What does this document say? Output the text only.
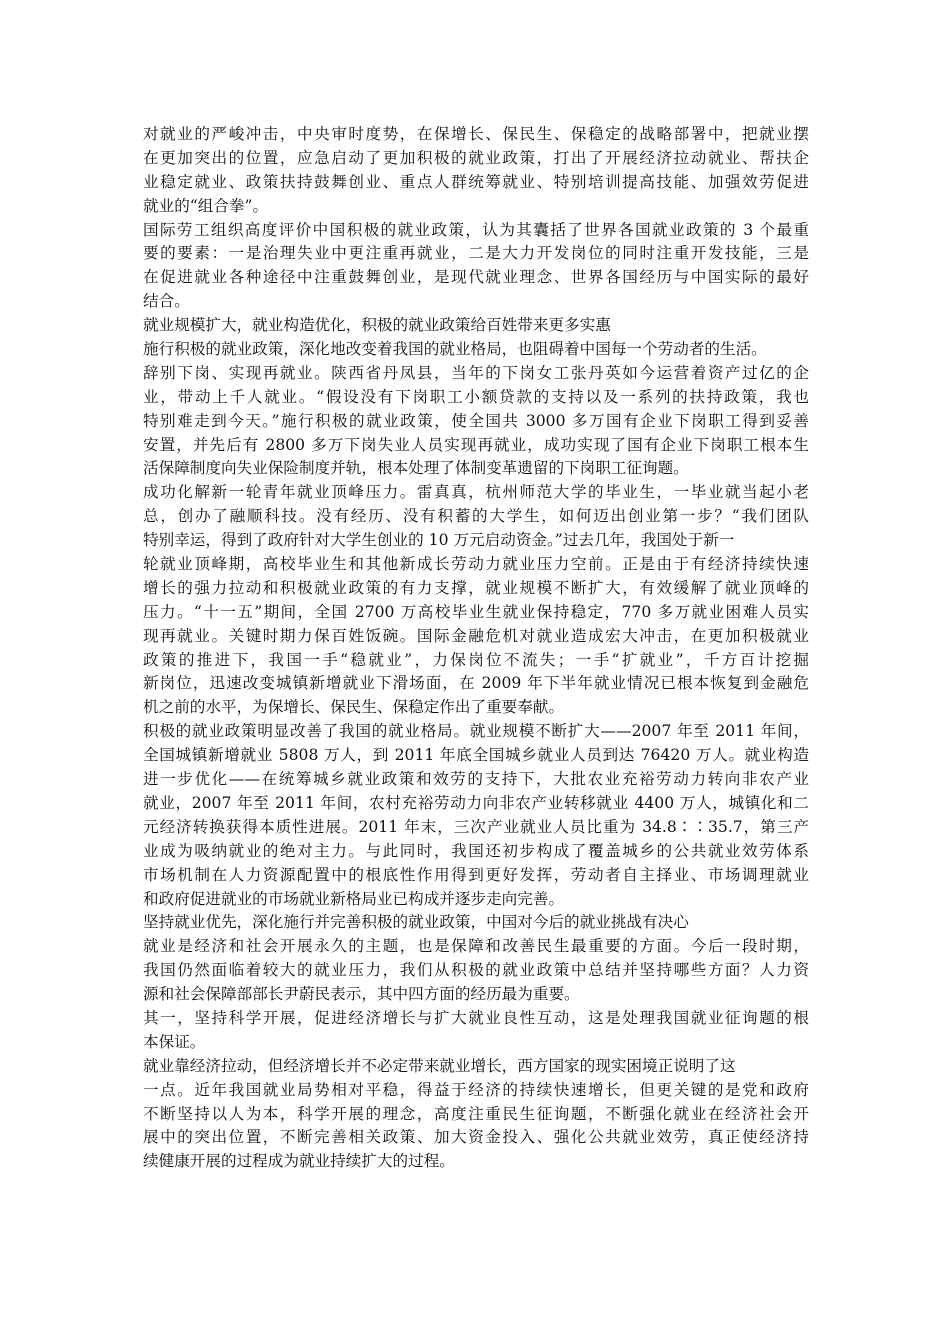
对就业的严峻冲击，中央审时度势，在保增长、保民生、保稳定的战略部署中，把就业摆
在更加突出的位置，应急启动了更加积极的就业政策，打出了开展经济拉动就业、帮扶企
业稳定就业、政策扶持鼓舞创业、重点人群统筹就业、特别培训提高技能、加强效劳促进
就业的“组合拳”。
国际劳工组织高度评价中国积极的就业政策，认为其囊括了世界各国就业政策的 3 个最重
要的要素：一是治理失业中更注重再就业，二是大力开发岗位的同时注重开发技能，三是
在促进就业各种途径中注重鼓舞创业，是现代就业理念、世界各国经历与中国实际的最好
结合。
就业规模扩大，就业构造优化，积极的就业政策给百姓带来更多实惠
施行积极的就业政策，深化地改变着我国的就业格局，也阻碍着中国每一个劳动者的生活。
辞别下岗、实现再就业。陕西省丹凤县，当年的下岗女工张丹英如今运营着资产过亿的企
业，带动上千人就业。“假设没有下岗职工小额贷款的支持以及一系列的扶持政策，我也
特别难走到今天。”施行积极的就业政策，使全国共 3000 多万国有企业下岗职工得到妥善
安置，并先后有 2800 多万下岗失业人员实现再就业，成功实现了国有企业下岗职工根本生
活保障制度向失业保险制度并轨，根本处理了体制变革遗留的下岗职工征询题。
成功化解新一轮青年就业顶峰压力。雷真真，杭州师范大学的毕业生，一毕业就当起小老
总，创办了融顺科技。没有经历、没有积蓄的大学生，如何迈出创业第一步？“我们团队
特别幸运，得到了政府针对大学生创业的 10 万元启动资金。”过去几年，我国处于新一
轮就业顶峰期，高校毕业生和其他新成长劳动力就业压力空前。正是由于有经济持续快速
增长的强力拉动和积极就业政策的有力支撑，就业规模不断扩大，有效缓解了就业顶峰的
压力。“十一五”期间，全国 2700 万高校毕业生就业保持稳定，770 多万就业困难人员实
现再就业。关键时期力保百姓饭碗。国际金融危机对就业造成宏大冲击，在更加积极就业
政策的推进下，我国一手“稳就业”，力保岗位不流失；一手“扩就业”，千方百计挖掘
新岗位，迅速改变城镇新增就业下滑场面，在 2009 年下半年就业情况已根本恢复到金融危
机之前的水平，为保增长、保民生、保稳定作出了重要奉献。
积极的就业政策明显改善了我国的就业格局。就业规模不断扩大——2007 年至 2011 年间，
全国城镇新增就业 5808 万人，到 2011 年底全国城乡就业人员到达 76420 万人。就业构造
进一步优化——在统筹城乡就业政策和效劳的支持下，大批农业充裕劳动力转向非农产业
就业，2007 年至 2011 年间，农村充裕劳动力向非农产业转移就业 4400 万人，城镇化和二
元经济转换获得本质性进展。2011 年末，三次产业就业人员比重为 34.8∶∶35.7，第三产
业成为吸纳就业的绝对主力。与此同时，我国还初步构成了覆盖城乡的公共就业效劳体系
市场机制在人力资源配置中的根底性作用得到更好发挥，劳动者自主择业、市场调理就业
和政府促进就业的市场就业新格局业已构成并逐步走向完善。
坚持就业优先，深化施行并完善积极的就业政策，中国对今后的就业挑战有决心
就业是经济和社会开展永久的主题，也是保障和改善民生最重要的方面。今后一段时期，
我国仍然面临着较大的就业压力，我们从积极的就业政策中总结并坚持哪些方面？人力资
源和社会保障部部长尹蔚民表示，其中四方面的经历最为重要。
其一，坚持科学开展，促进经济增长与扩大就业良性互动，这是处理我国就业征询题的根
本保证。
就业靠经济拉动，但经济增长并不必定带来就业增长，西方国家的现实困境正说明了这
一点。近年我国就业局势相对平稳，得益于经济的持续快速增长，但更关键的是党和政府
不断坚持以人为本，科学开展的理念，高度注重民生征询题，不断强化就业在经济社会开
展中的突出位置，不断完善相关政策、加大资金投入、强化公共就业效劳，真正使经济持
续健康开展的过程成为就业持续扩大的过程。
